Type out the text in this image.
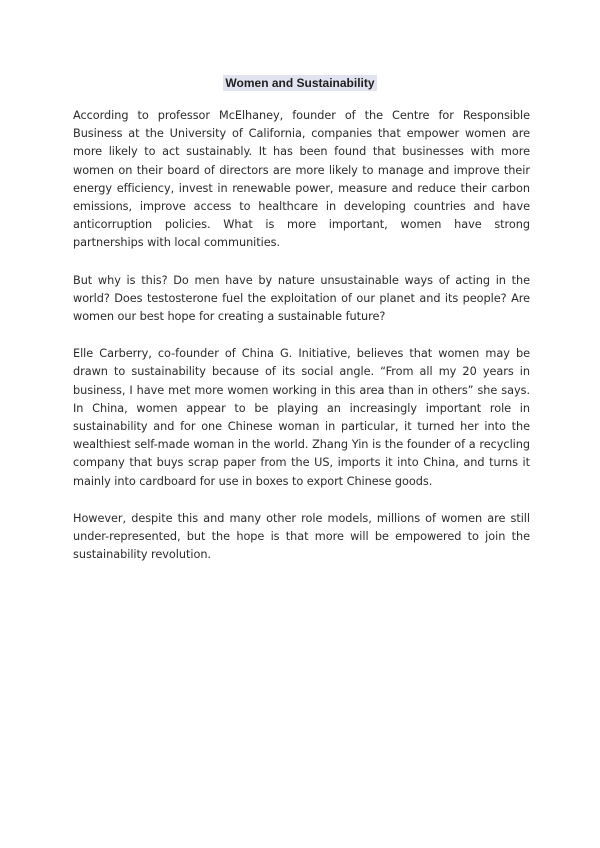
Women and Sustainability

According to professor McElhaney, founder of the Centre for Responsible Business at the University of California, companies that empower women are more likely to act sustainably. It has been found that businesses with more women on their board of directors are more likely to manage and improve their energy efficiency, invest in renewable power, measure and reduce their carbon emissions, improve access to healthcare in developing countries and have anticorruption policies. What is more important, women have strong partnerships with local communities.

But why is this? Do men have by nature unsustainable ways of acting in the world? Does testosterone fuel the exploitation of our planet and its people? Are women our best hope for creating a sustainable future?

Elle Carberry, co-founder of China G. Initiative, believes that women may be drawn to sustainability because of its social angle. “From all my 20 years in business, I have met more women working in this area than in others” she says. In China, women appear to be playing an increasingly important role in sustainability and for one Chinese woman in particular, it turned her into the wealthiest self-made woman in the world. Zhang Yin is the founder of a recycling company that buys scrap paper from the US, imports it into China, and turns it mainly into cardboard for use in boxes to export Chinese goods.

However, despite this and many other role models, millions of women are still under-represented, but the hope is that more will be empowered to join the sustainability revolution.
